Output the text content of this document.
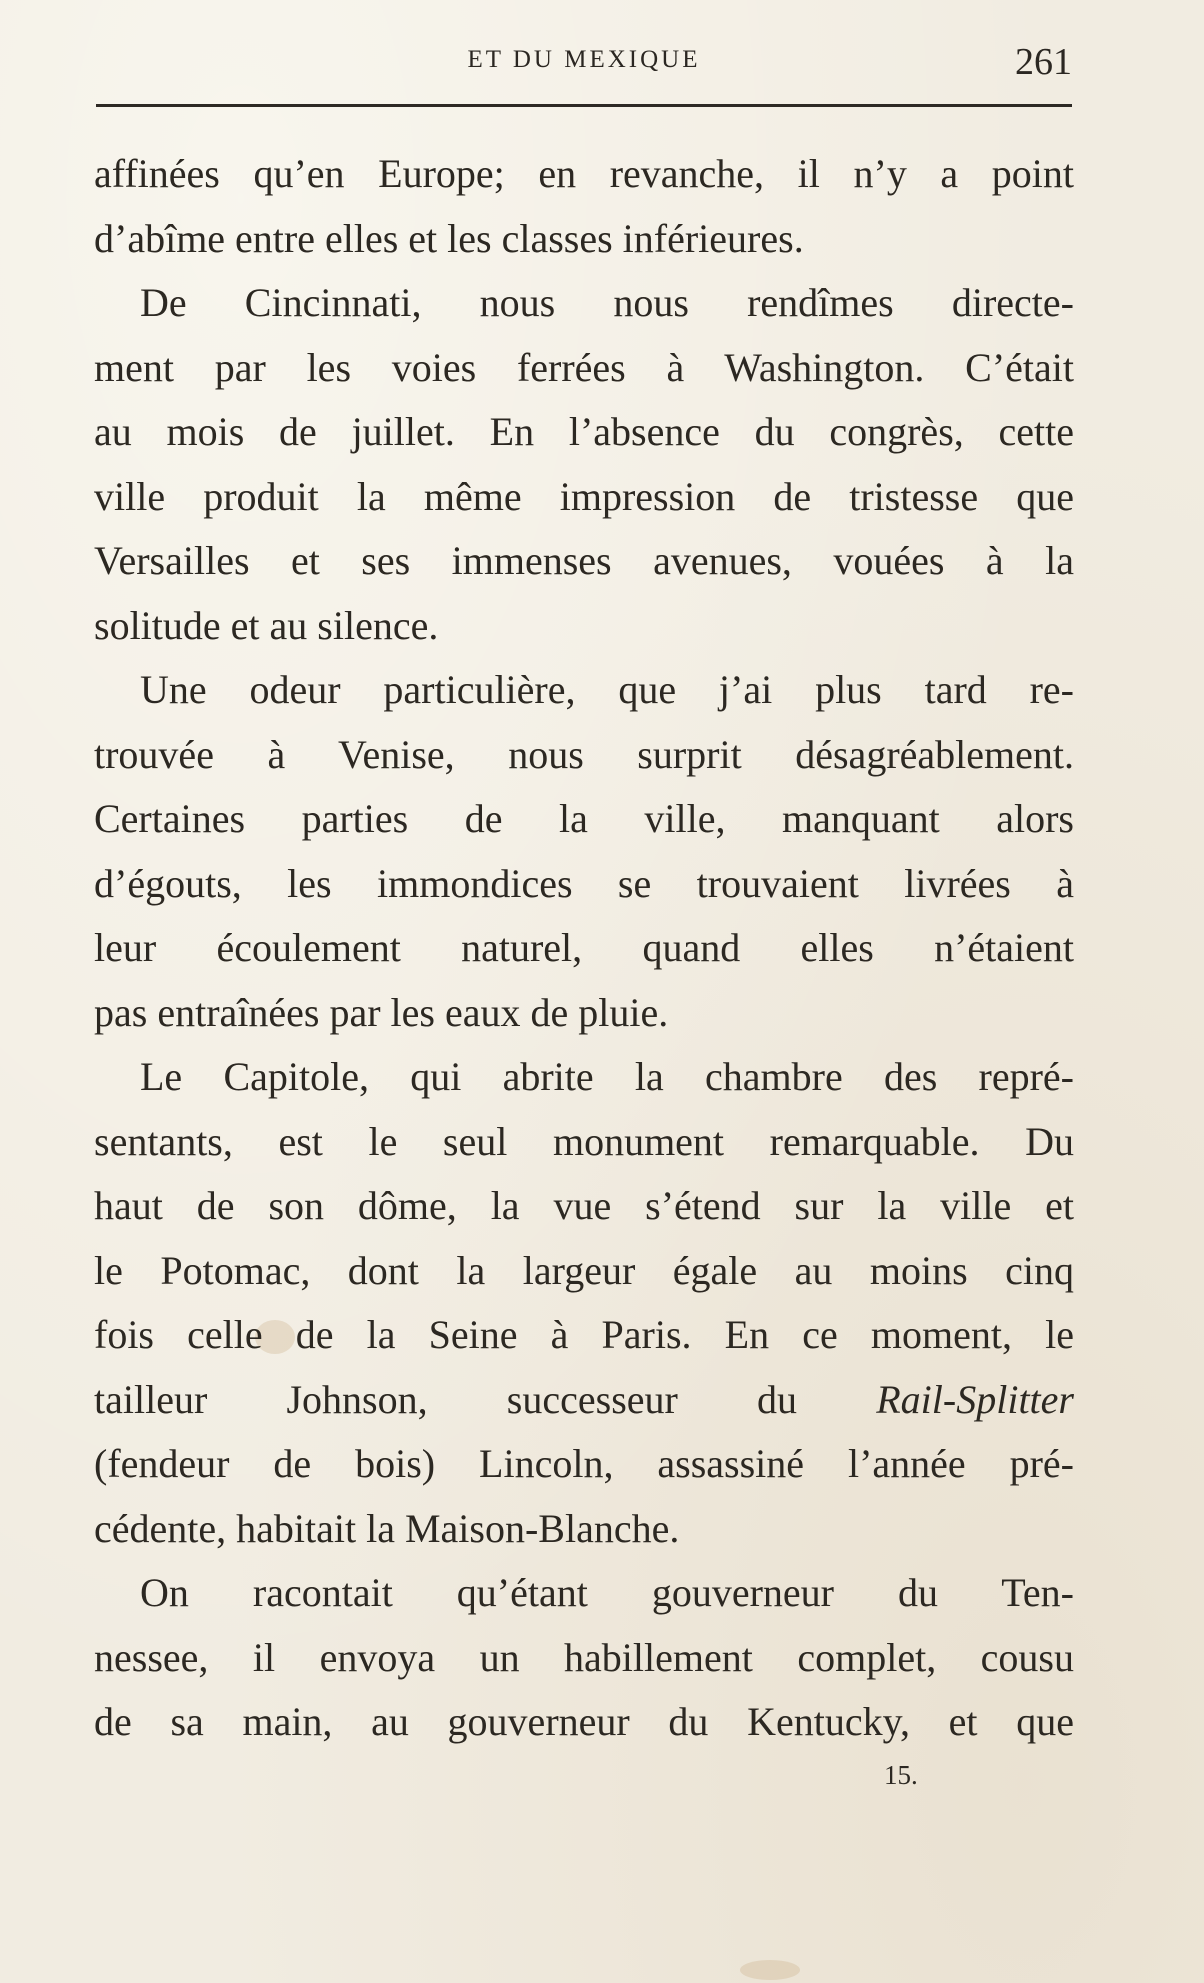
ET DU MEXIQUE	261
affinées qu’en Europe; en revanche, il n’y a point
d’abîme entre elles et les classes inférieures.
De Cincinnati, nous nous rendîmes directe-
ment par les voies ferrées à Washington. C’était
au mois de juillet. En l’absence du congrès, cette
ville produit la même impression de tristesse que
Versailles et ses immenses avenues, vouées à la
solitude et au silence.
Une odeur particulière, que j’ai plus tard re-
trouvée à Venise, nous surprit désagréablement.
Certaines parties de la ville, manquant alors
d’égouts, les immondices se trouvaient livrées à
leur écoulement naturel, quand elles n’étaient
pas entraînées par les eaux de pluie.
Le Capitole, qui abrite la chambre des repré-
sentants, est le seul monument remarquable. Du
haut de son dôme, la vue s’étend sur la ville et
le Potomac, dont la largeur égale au moins cinq
fois celle de la Seine à Paris. En ce moment, le
tailleur Johnson, successeur du Rail-Splitter
(fendeur de bois) Lincoln, assassiné l’année pré-
cédente, habitait la Maison-Blanche.
On racontait qu’étant gouverneur du Ten-
nessee, il envoya un habillement complet, cousu
de sa main, au gouverneur du Kentucky, et que
15.
